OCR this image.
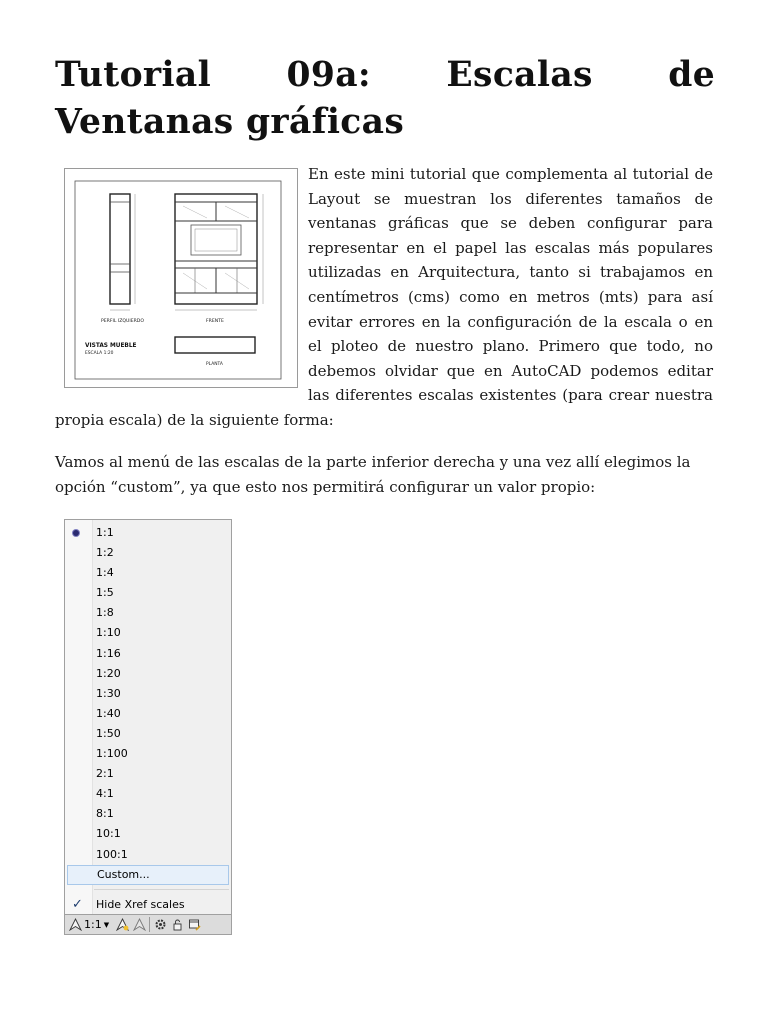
Tutorial 09a: Escalas de Ventanas gráficas
PERFIL IZQUIERDO	FRENTE
VISTAS MUEBLE
ESCALA 1:20
PLANTA
En este mini tutorial que complementa al tutorial de Layout se muestran los diferentes tamaños de ventanas gráficas que se deben configurar para representar en el papel las escalas más populares utilizadas en Arquitectura, tanto si trabajamos en centímetros (cms) como en metros (mts) para así evitar errores en la configuración de la escala o en el ploteo de nuestro plano. Primero que todo, no debemos olvidar que en AutoCAD podemos editar las diferentes escalas existentes (para crear nuestra propia escala) de la siguiente forma:

Vamos al menú de las escalas de la parte inferior derecha y una vez allí elegimos la opción “custom”, ya que esto nos permitirá configurar un valor propio:

1:1
1:2
1:4
1:5
1:8
1:10
1:16
1:20
1:30
1:40
1:50
1:100
2:1
4:1
8:1
10:1
100:1
Custom...
✓ Hide Xref scales
1:1 ▼
